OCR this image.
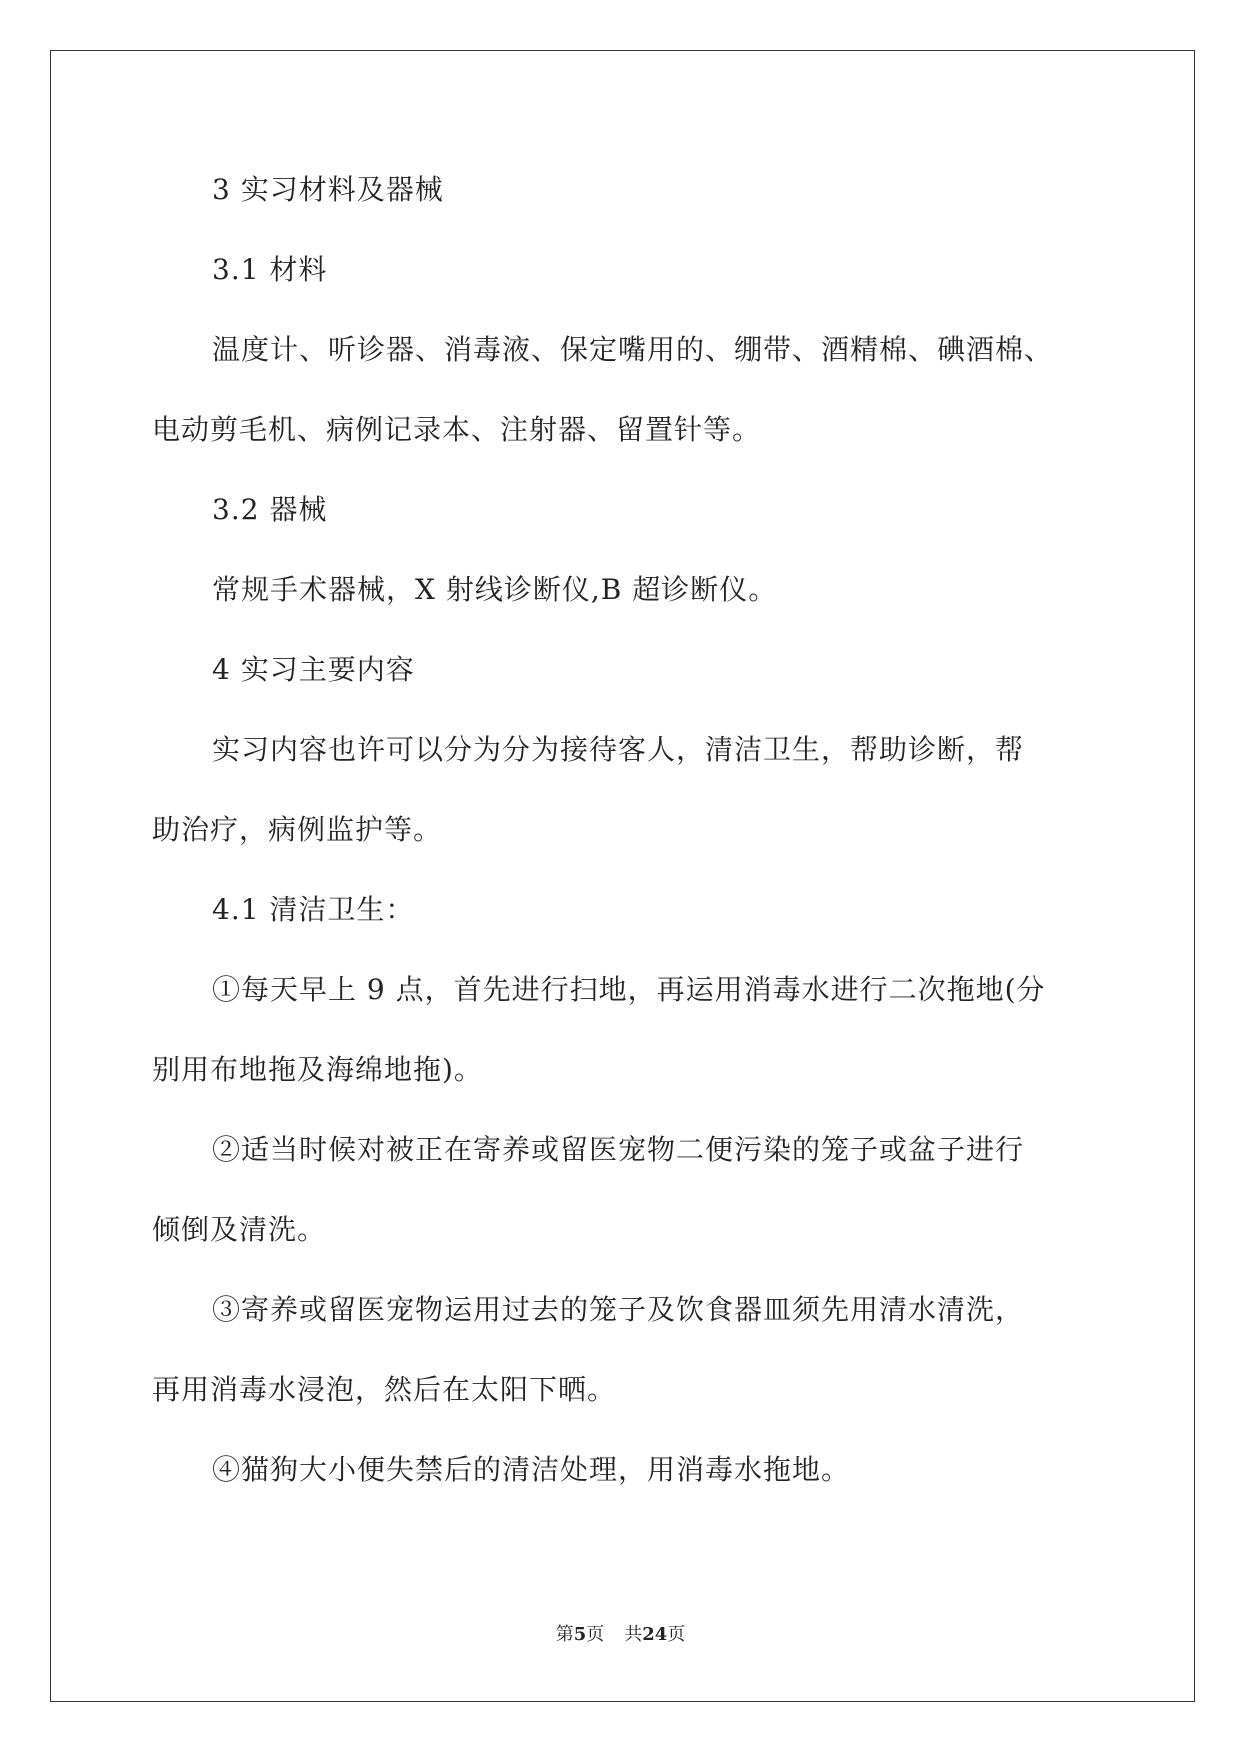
3 实习材料及器械
3.1 材料
温度计、听诊器、消毒液、保定嘴用的、绷带、酒精棉、碘酒棉、
电动剪毛机、病例记录本、注射器、留置针等。
3.2 器械
常规手术器械，X 射线诊断仪,B 超诊断仪。
4 实习主要内容
实习内容也许可以分为分为接待客人，清洁卫生，帮助诊断，帮
助治疗，病例监护等。
4.1 清洁卫生：
①每天早上 9 点，首先进行扫地，再运用消毒水进行二次拖地(分
别用布地拖及海绵地拖)。
②适当时候对被正在寄养或留医宠物二便污染的笼子或盆子进行
倾倒及清洗。
③寄养或留医宠物运用过去的笼子及饮食器皿须先用清水清洗，
再用消毒水浸泡，然后在太阳下晒。
④猫狗大小便失禁后的清洁处理，用消毒水拖地。
第5页 共24页
